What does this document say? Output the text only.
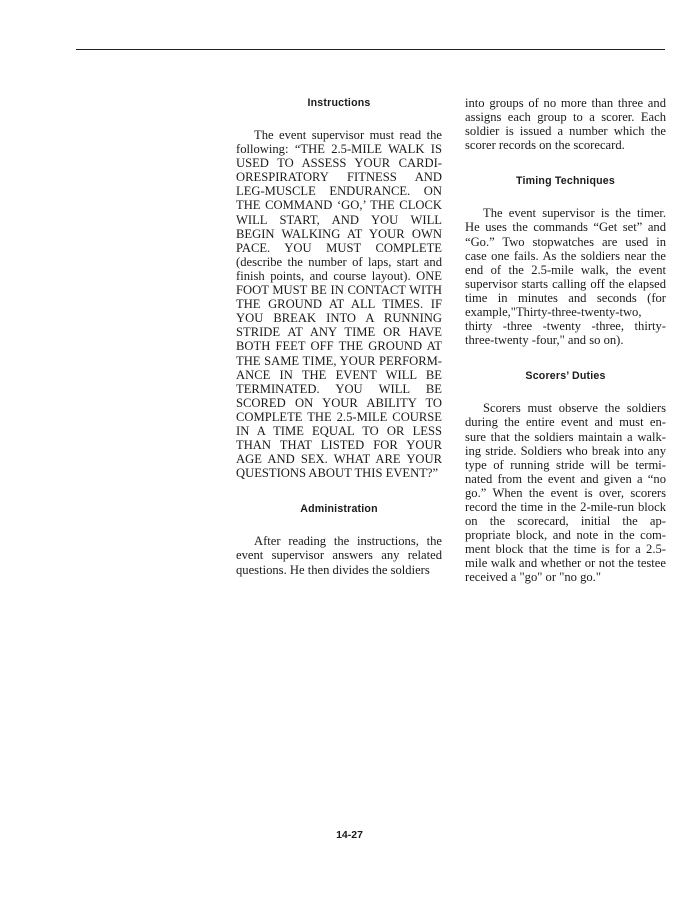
Instructions

The event supervisor must read the following: “THE 2.5-MILE WALK IS USED TO ASSESS YOUR CARDI- ORESPIRATORY FITNESS AND LEG-MUSCLE ENDURANCE. ON THE COMMAND ‘GO,’ THE CLOCK WILL START, AND YOU WILL BEGIN WALKING AT YOUR OWN PACE. YOU MUST COMPLETE (describe the number of laps, start and finish points, and course layout). ONE FOOT MUST BE IN CONTACT WITH THE GROUND AT ALL TIMES. IF YOU BREAK INTO A RUNNING STRIDE AT ANY TIME OR HAVE BOTH FEET OFF THE GROUND AT THE SAME TIME, YOUR PERFORM- ANCE IN THE EVENT WILL BE TERMINATED. YOU WILL BE SCORED ON YOUR ABILITY TO COMPLETE THE 2.5-MILE COURSE IN A TIME EQUAL TO OR LESS THAN THAT LISTED FOR YOUR AGE AND SEX. WHAT ARE YOUR QUESTIONS ABOUT THIS EVENT?”

Administration

After reading the instructions, the event supervisor answers any related questions. He then divides the soldiers

into groups of no more than three and assigns each group to a scorer. Each soldier is issued a number which the scorer records on the scorecard.

Timing Techniques

The event supervisor is the timer. He uses the commands “Get set” and “Go.” Two stopwatches are used in case one fails. As the soldiers near the end of the 2.5-mile walk, the event supervisor starts calling off the elapsed time in minutes and seconds (for example,"Thirty-three-twenty-two, thirty -three -twenty -three, thirty- three-twenty -four," and so on).

Scorers’ Duties

Scorers must observe the soldiers during the entire event and must en- sure that the soldiers maintain a walk- ing stride. Soldiers who break into any type of running stride will be termi- nated from the event and given a “no go.” When the event is over, scorers record the time in the 2-mile-run block on the scorecard, initial the ap- propriate block, and note in the com- ment block that the time is for a 2.5- mile walk and whether or not the testee received a "go" or "no go."

14-27
